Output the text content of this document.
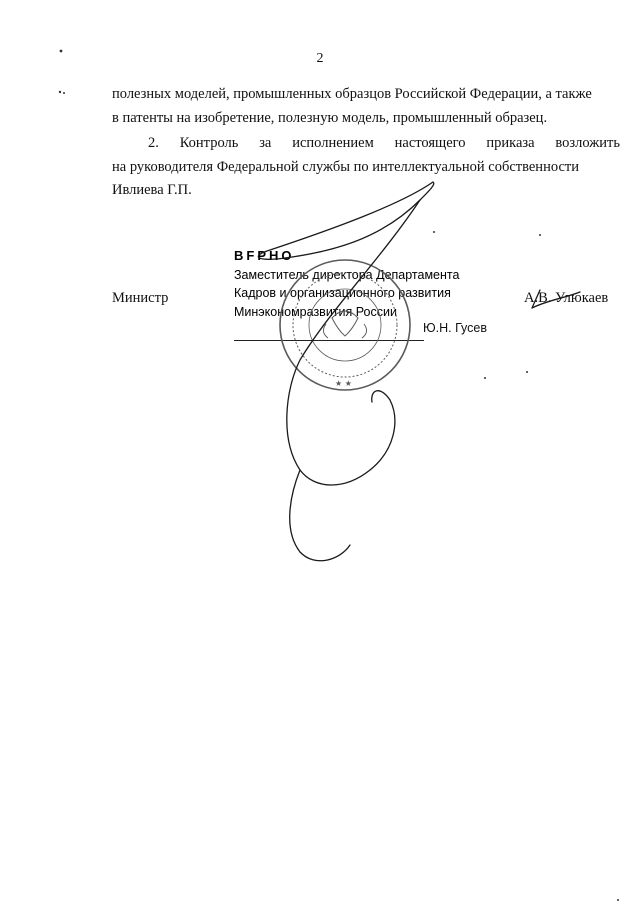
2
полезных моделей, промышленных образцов Российской Федерации, а также
в патенты на изобретение, полезную модель, промышленный образец.
2. Контроль за исполнением настоящего приказа возложить
на руководителя Федеральной службы по интеллектуальной собственности
Ивлиева Г.П.
Министр	А.В. Улюкаев
BFPHO
Заместитель директора Департамента
Кадров и организационного развития
Минэкономразвития России
Ю.Н. Гусев
★ ★
